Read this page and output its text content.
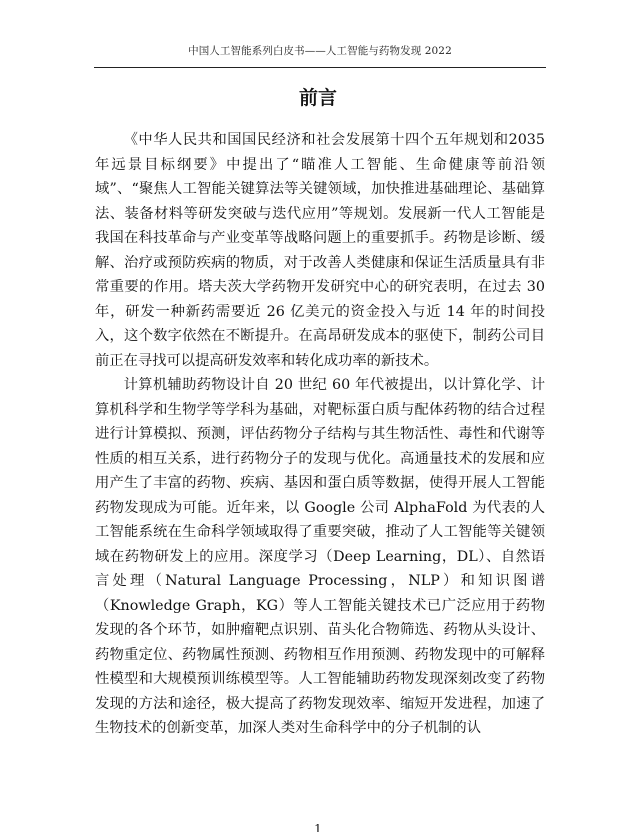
中国人工智能系列白皮书——人工智能与药物发现 2022
前言

《中华人民共和国国民经济和社会发展第十四个五年规划和2035年远景目标纲要》中提出了“瞄准人工智能、生命健康等前沿领域”、“聚焦人工智能关键算法等关键领域，加快推进基础理论、基础算法、装备材料等研发突破与迭代应用”等规划。发展新一代人工智能是我国在科技革命与产业变革等战略问题上的重要抓手。药物是诊断、缓解、治疗或预防疾病的物质，对于改善人类健康和保证生活质量具有非常重要的作用。塔夫茨大学药物开发研究中心的研究表明，在过去 30 年，研发一种新药需要近 26 亿美元的资金投入与近 14 年的时间投入，这个数字依然在不断提升。在高昂研发成本的驱使下，制药公司目前正在寻找可以提高研发效率和转化成功率的新技术。

计算机辅助药物设计自 20 世纪 60 年代被提出，以计算化学、计算机科学和生物学等学科为基础，对靶标蛋白质与配体药物的结合过程进行计算模拟、预测，评估药物分子结构与其生物活性、毒性和代谢等性质的相互关系，进行药物分子的发现与优化。高通量技术的发展和应用产生了丰富的药物、疾病、基因和蛋白质等数据，使得开展人工智能药物发现成为可能。近年来，以 Google 公司 AlphaFold 为代表的人工智能系统在生命科学领域取得了重要突破，推动了人工智能等关键领域在药物研发上的应用。深度学习（Deep Learning，DL）、自然语言处理（Natural Language Processing，NLP）和知识图谱（Knowledge Graph，KG）等人工智能关键技术已广泛应用于药物发现的各个环节，如肿瘤靶点识别、苗头化合物筛选、药物从头设计、药物重定位、药物属性预测、药物相互作用预测、药物发现中的可解释性模型和大规模预训练模型等。人工智能辅助药物发现深刻改变了药物发现的方法和途径，极大提高了药物发现效率、缩短开发进程，加速了生物技术的创新变革，加深人类对生命科学中的分子机制的认

1
